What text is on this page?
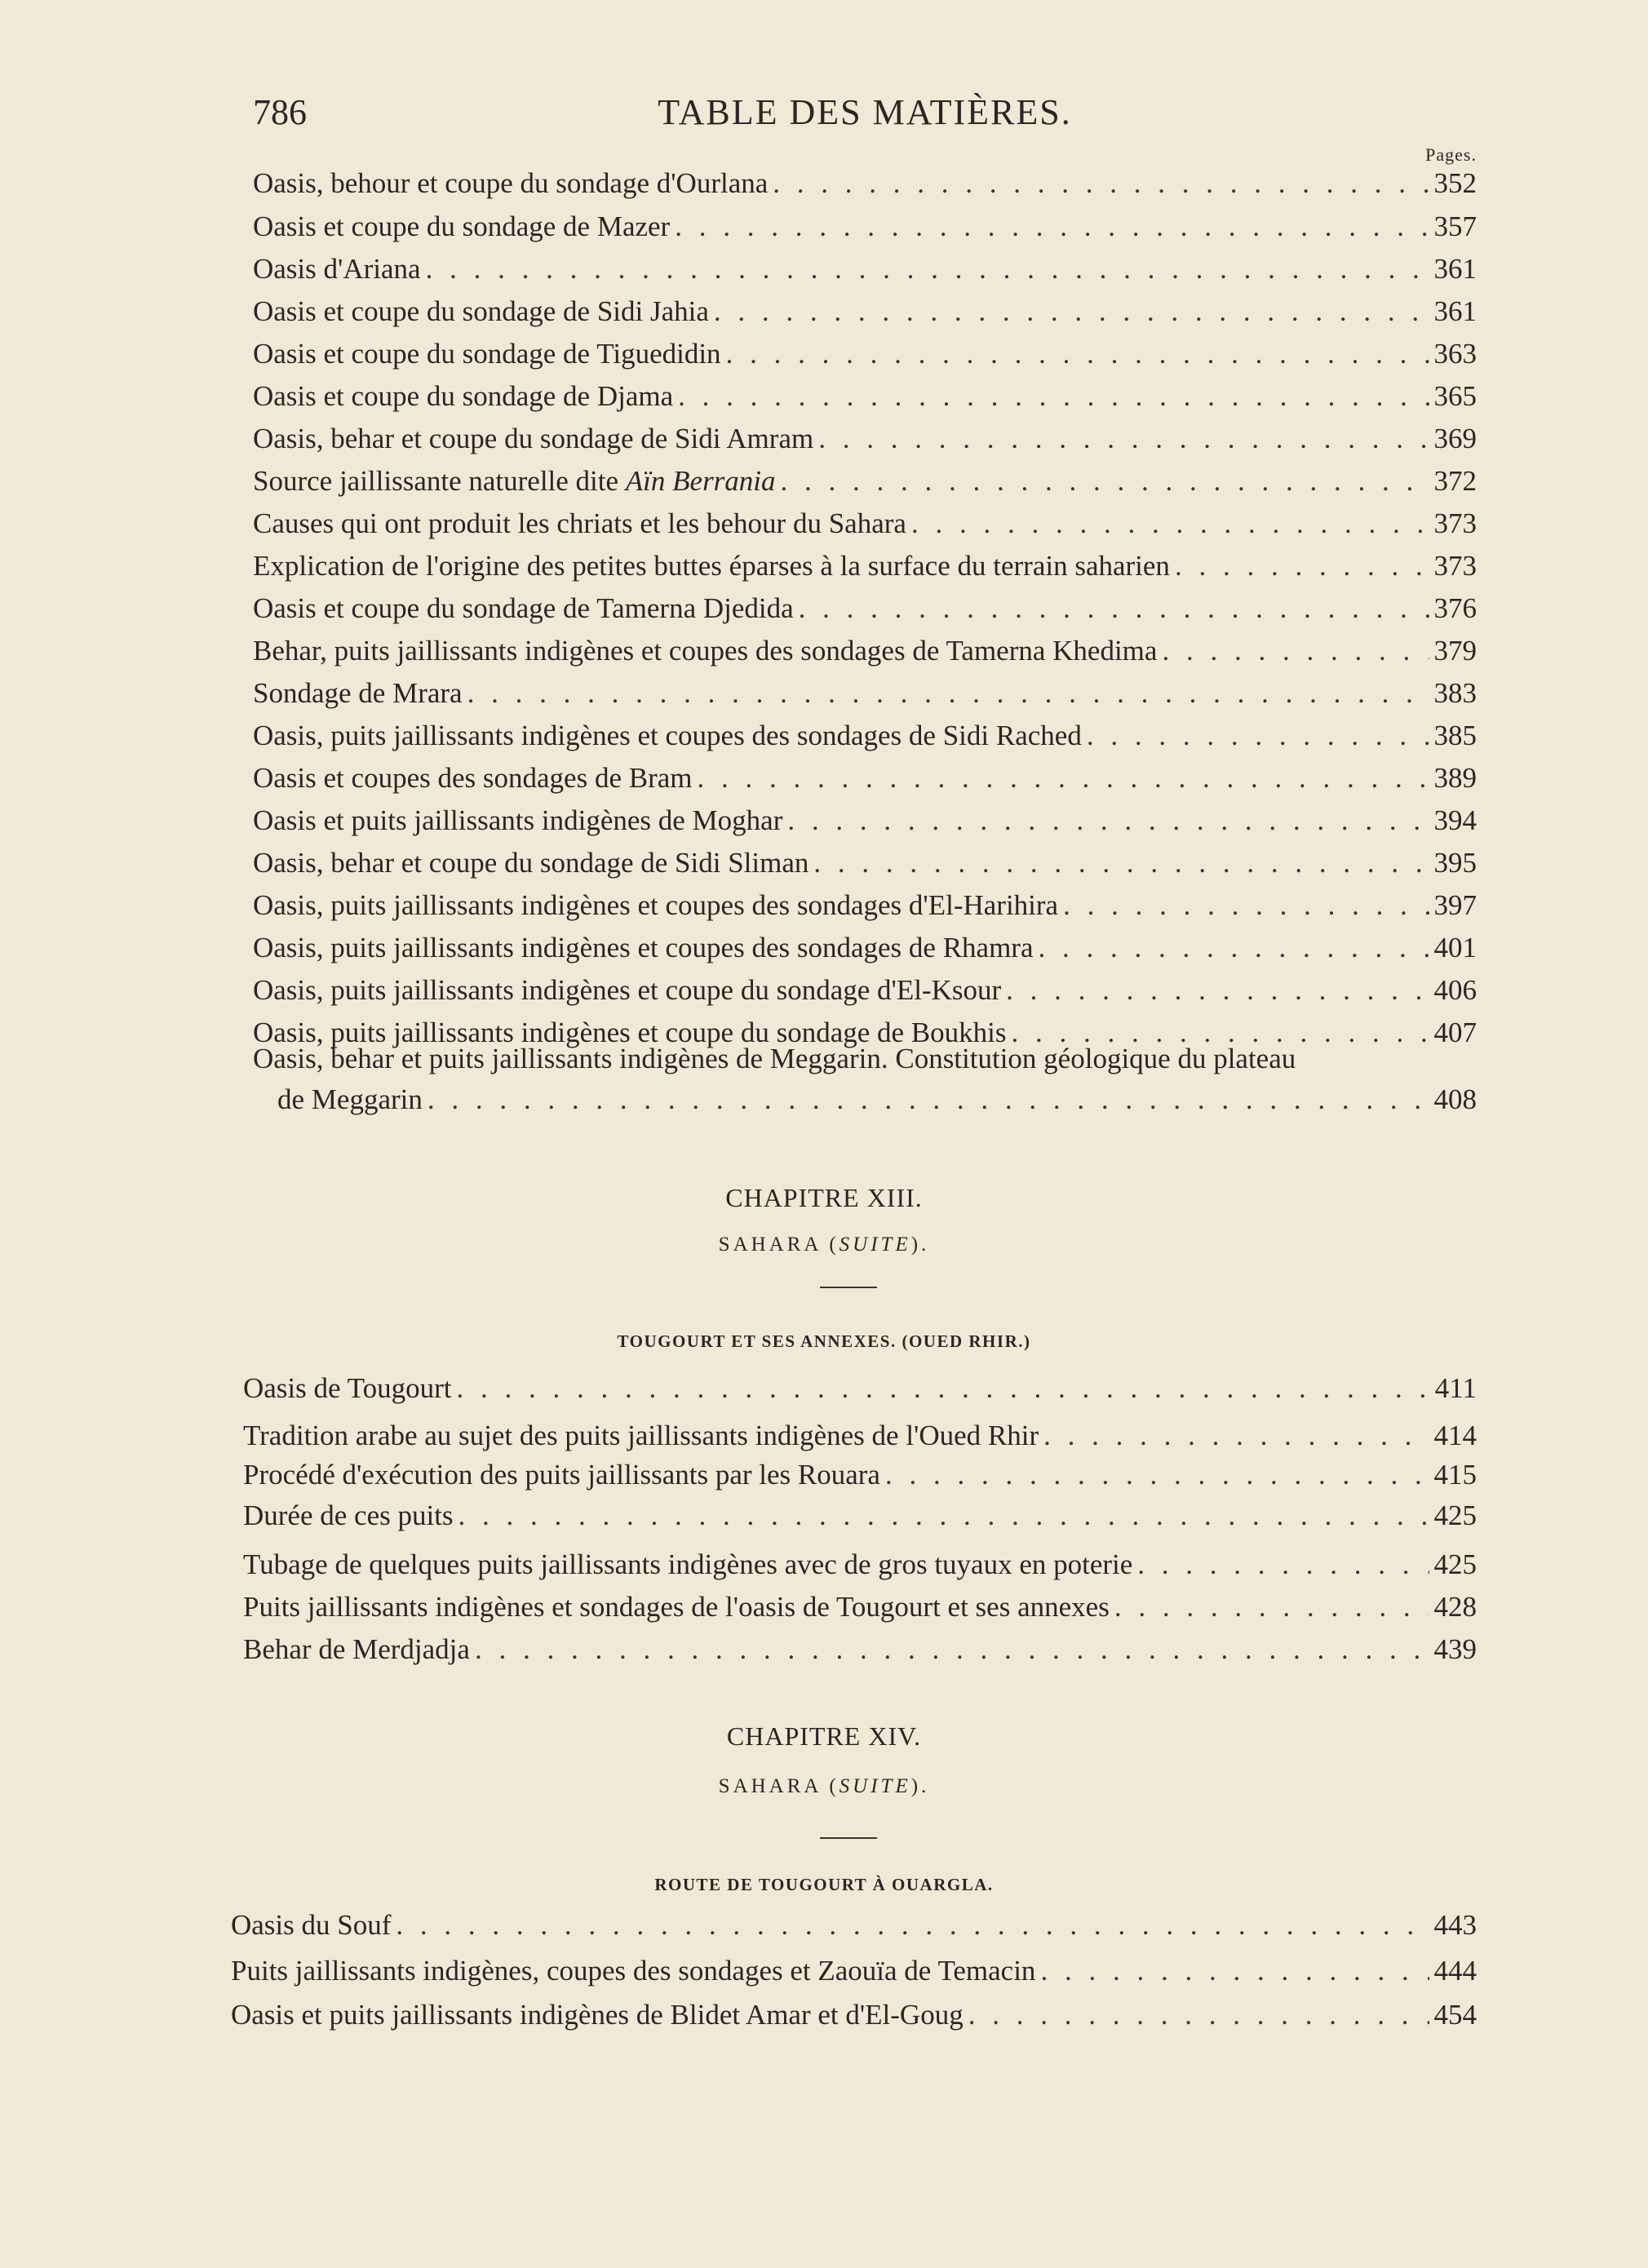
786	TABLE DES MATIÈRES.
Pages.
Oasis, behour et coupe du sondage d'Ourlana . . .	352
Oasis et coupe du sondage de Mazer . . .	357
Oasis d'Ariana . . .	361
Oasis et coupe du sondage de Sidi Jahia . . .	361
Oasis et coupe du sondage de Tiguedidin . . .	363
Oasis et coupe du sondage de Djama . . .	365
Oasis, behar et coupe du sondage de Sidi Amram . . .	369
Source jaillissante naturelle dite Aïn Berrania . . .	372
Causes qui ont produit les chriats et les behour du Sahara . . .	373
Explication de l'origine des petites buttes éparses à la surface du terrain saharien . . .	373
Oasis et coupe du sondage de Tamerna Djedida . . .	376
Behar, puits jaillissants indigènes et coupes des sondages de Tamerna Khedima . . .	379
Sondage de Mrara . . .	383
Oasis, puits jaillissants indigènes et coupes des sondages de Sidi Rached . . .	385
Oasis et coupes des sondages de Bram . . .	389
Oasis et puits jaillissants indigènes de Moghar . . .	394
Oasis, behar et coupe du sondage de Sidi Sliman . . .	395
Oasis, puits jaillissants indigènes et coupes des sondages d'El-Harihira . . .	397
Oasis, puits jaillissants indigènes et coupes des sondages de Rhamra . . .	401
Oasis, puits jaillissants indigènes et coupe du sondage d'El-Ksour . . .	406
Oasis, puits jaillissants indigènes et coupe du sondage de Boukhis . . .	407
Oasis, behar et puits jaillissants indigènes de Meggarin. Constitution géologique du plateau
de Meggarin . . .	408
CHAPITRE XIII.
SAHARA (SUITE).
TOUGOURT ET SES ANNEXES. (OUED RHIR.)
Oasis de Tougourt . . .	411
Tradition arabe au sujet des puits jaillissants indigènes de l'Oued Rhir . . .	414
Procédé d'exécution des puits jaillissants par les Rouara . . .	415
Durée de ces puits . . .	425
Tubage de quelques puits jaillissants indigènes avec de gros tuyaux en poterie . . .	425
Puits jaillissants indigènes et sondages de l'oasis de Tougourt et ses annexes . . .	428
Behar de Merdjadja . . .	439
CHAPITRE XIV.
SAHARA (SUITE).
ROUTE DE TOUGOURT À OUARGLA.
Oasis du Souf . . .	443
Puits jaillissants indigènes, coupes des sondages et Zaouïa de Temacin . . .	444
Oasis et puits jaillissants indigènes de Blidet Amar et d'El-Goug . . .	454
